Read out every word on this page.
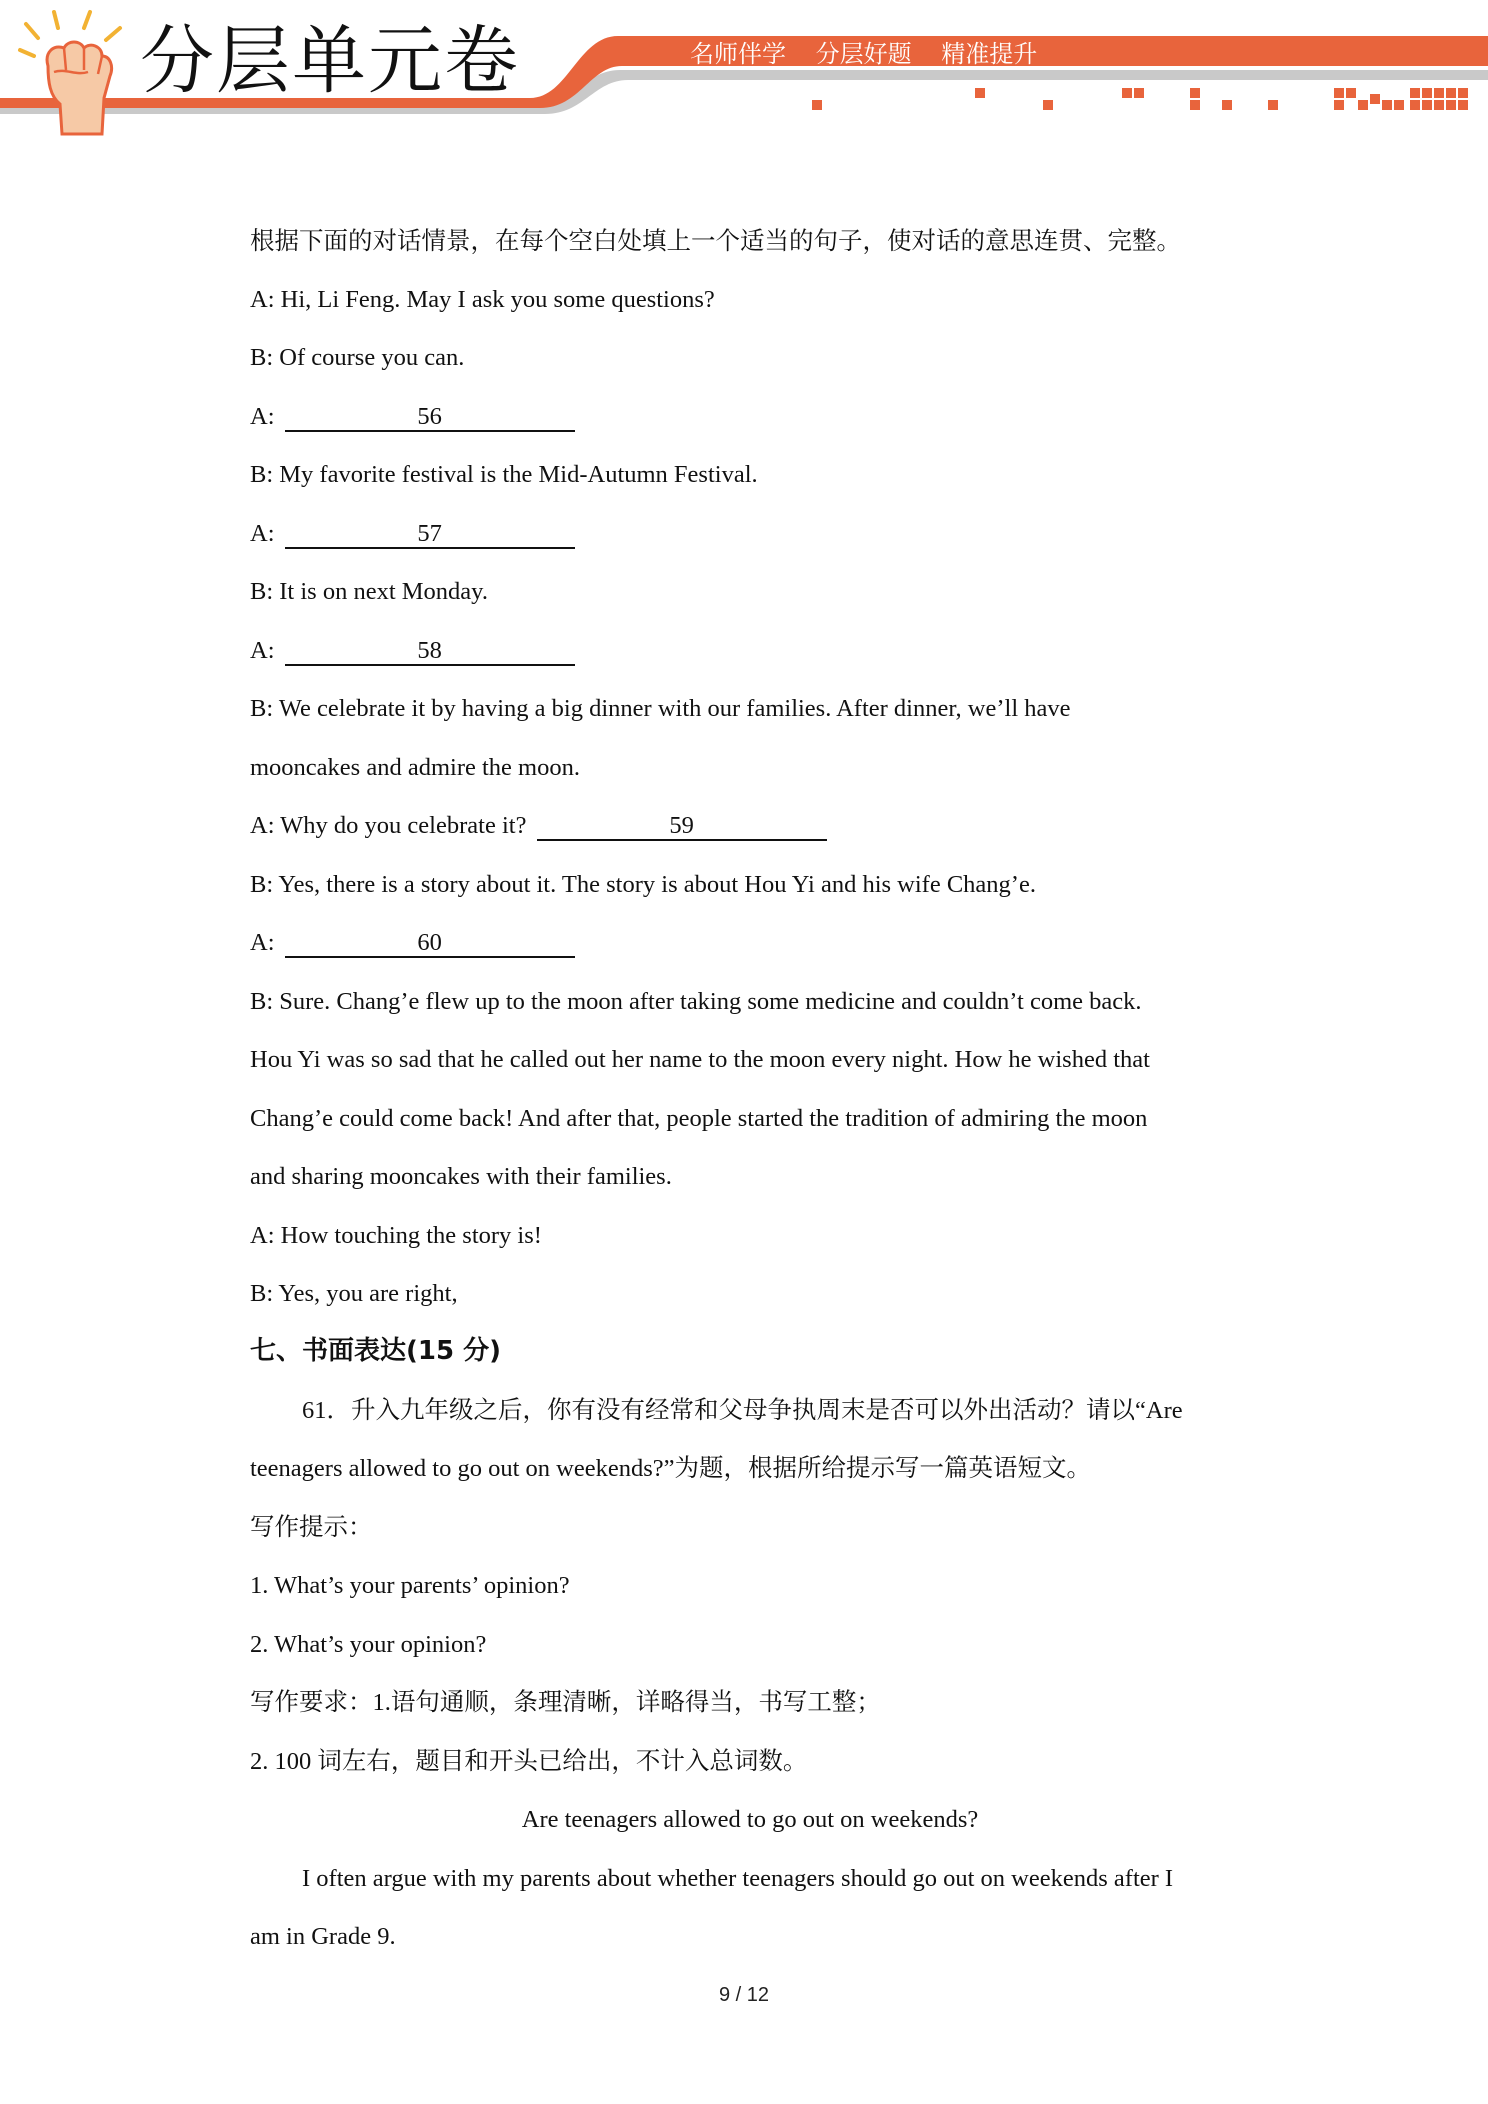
分层单元卷	名师伴学 分层好题 精准提升
根据下面的对话情景，在每个空白处填上一个适当的句子，使对话的意思连贯、完整。
A: Hi, Li Feng. May I ask you some questions?
B: Of course you can.
A:	56
B: My favorite festival is the Mid-Autumn Festival.
A:	57
B: It is on next Monday.
A:	58
B: We celebrate it by having a big dinner with our families. After dinner, we’ll have
mooncakes and admire the moon.
A: Why do you celebrate it?	59
B: Yes, there is a story about it. The story is about Hou Yi and his wife Chang’e.
A:	60
B: Sure. Chang’e flew up to the moon after taking some medicine and couldn’t come back.
Hou Yi was so sad that he called out her name to the moon every night. How he wished that
Chang’e could come back! And after that, people started the tradition of admiring the moon
and sharing mooncakes with their families.
A: How touching the story is!
B: Yes, you are right,
七、书面表达(15 分)
61．升入九年级之后，你有没有经常和父母争执周末是否可以外出活动？请以“Are
teenagers allowed to go out on weekends?”为题，根据所给提示写一篇英语短文。
写作提示：
1. What’s your parents’ opinion?
2. What’s your opinion?
写作要求：1.语句通顺，条理清晰，详略得当，书写工整；
2. 100 词左右，题目和开头已给出，不计入总词数。
Are teenagers allowed to go out on weekends?
I often argue with my parents about whether teenagers should go out on weekends after I
am in Grade 9.
9 / 12
